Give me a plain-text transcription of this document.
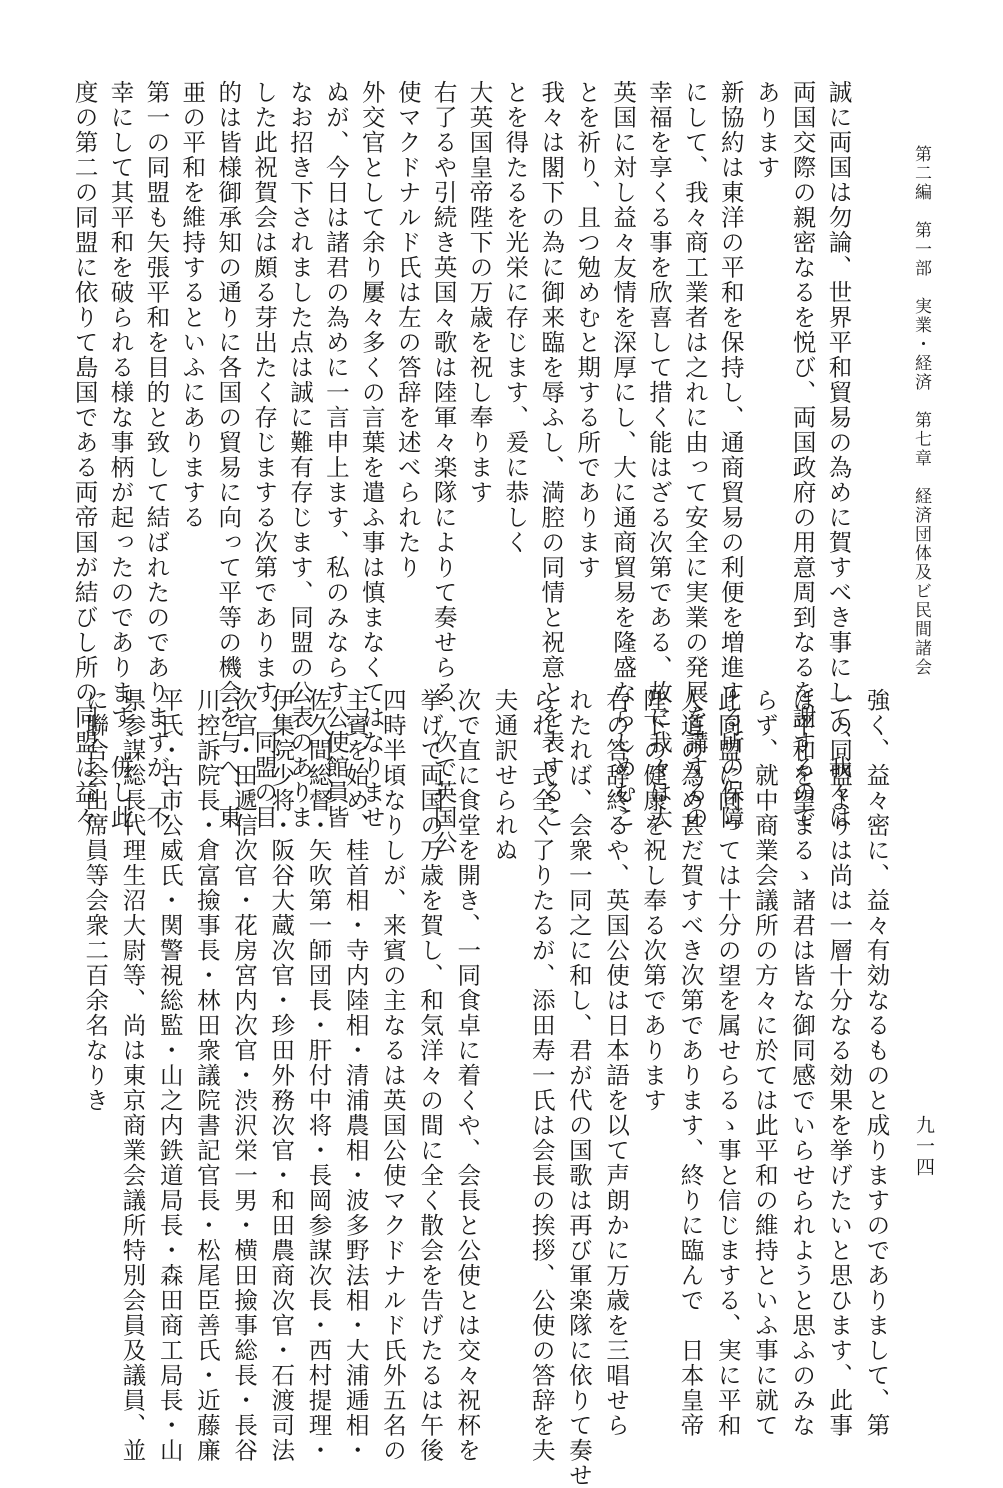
第二編　第一部　実業・経済　第七章　経済団体及ビ民間諸会
九一四
誠に両国は勿論、世界平和貿易の為めに賀すべき事にして、我々は
両国交際の親密なるを悦び、両国政府の用意周到なるを謝するので
あります
新協約は東洋の平和を保持し、通商貿易の利便を増進する所の保障
にして、我々商工業者は之れに由って安全に実業の発展を講するの
幸福を享くる事を欣喜して措く能はざる次第である、故に我々は大
英国に対し益々友情を深厚にし、大に通商貿易を隆盛ならしめむこ
とを祈り、且つ勉めむと期する所であります
我々は閣下の為に御来臨を辱ふし、満腔の同情と祝意とを表するこ
とを得たるを光栄に存じます、爰に恭しく
大英国皇帝陛下の万歳を祝し奉ります
右了るや引続き英国々歌は陸軍々楽隊によりて奏せらる、次で英国公
使マクドナルド氏は左の答辞を述べられたり
外交官として余り屢々多くの言葉を遣ふ事は慎まなくてはなりませ
ぬが、今日は諸君の為めに一言申上ます、私のみならす公使館員皆
なお招き下されました点は誠に難有存じます、同盟の公表のありま
した此祝賀会は頗る芽出たく存じまする次第であります、同盟の目
的は皆様御承知の通りに各国の貿易に向って平等の機会を与へ、東
亜の平和を維持するといふにありまする
第一の同盟も矢張平和を目的と致して結ばれたのでありますが、不
幸にして其平和を破られる様な事柄が起ったのであります、併し此
度の第二の同盟に依りて島国である両帝国が結びし所の同盟は益々
強く、益々密に、益々有効なるものと成りますのでありまして、第
一の同盟よりは尚は一層十分なる効果を挙げたいと思ひます、此事
は平和を望まるゝ諸君は皆な御同感でいらせられようと思ふのみな
らず、就中商業会議所の方々に於ては此平和の維持といふ事に就て
此同盟に向っては十分の望を属せらるゝ事と信じまする、実に平和
人道の為め甚だ賀すべき次第であります、終りに臨んで　日本皇帝
陛下の健康を祝し奉る次第であります
右の答辞終るや、英国公使は日本語を以て声朗かに万歳を三唱せら
れたれば、会衆一同之に和し、君が代の国歌は再び軍楽隊に依りて奏せ
られ、式全く了りたるが、添田寿一氏は会長の挨拶、公使の答辞を夫
夫通訳せられぬ
次で直に食堂を開き、一同食卓に着くや、会長と公使とは交々祝杯を
挙げて両国の万歳を賀し、和気洋々の間に全く散会を告げたるは午後
四時半頃なりしが、来賓の主なるは英国公使マクドナルド氏外五名の
主賓を始め、桂首相・寺内陸相・清浦農相・波多野法相・大浦逓相・
佐久間総督・矢吹第一師団長・肝付中将・長岡参謀次長・西村提理・
伊集院少将・阪谷大蔵次官・珍田外務次官・和田農商次官・石渡司法
次官・田遞信次官・花房宮内次官・渋沢栄一男・横田撿事総長・長谷
川控訴院長・倉富撿事長・林田衆議院書記官長・松尾臣善氏・近藤廉
平氏・古市公威氏・関警視総監・山之内鉄道局長・森田商工局長・山
県参謀総長代理生沼大尉等、尚は東京商業会議所特別会員及議員、並
に聯合会出席員等会衆二百余名なりき
